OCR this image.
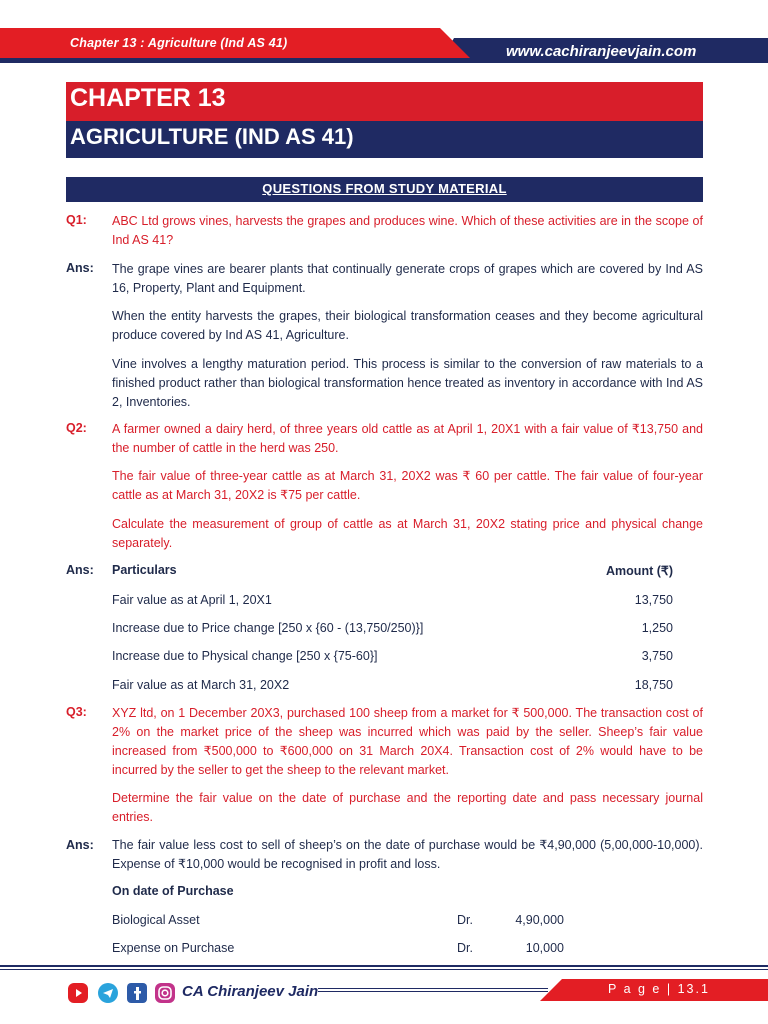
Chapter 13 : Agriculture (Ind AS 41)	www.cachiranjeevjain.com
CHAPTER 13
AGRICULTURE (IND AS 41)
QUESTIONS FROM STUDY MATERIAL
Q1: ABC Ltd grows vines, harvests the grapes and produces wine. Which of these activities are in the scope of Ind AS 41?
Ans: The grape vines are bearer plants that continually generate crops of grapes which are covered by Ind AS 16, Property, Plant and Equipment.
When the entity harvests the grapes, their biological transformation ceases and they become agricultural produce covered by Ind AS 41, Agriculture.
Vine involves a lengthy maturation period. This process is similar to the conversion of raw materials to a finished product rather than biological transformation hence treated as inventory in accordance with Ind AS 2, Inventories.
Q2: A farmer owned a dairy herd, of three years old cattle as at April 1, 20X1 with a fair value of ₹13,750 and the number of cattle in the herd was 250.
The fair value of three-year cattle as at March 31, 20X2 was ₹ 60 per cattle. The fair value of four-year cattle as at March 31, 20X2 is ₹75 per cattle.
Calculate the measurement of group of cattle as at March 31, 20X2 stating price and physical change separately.
Ans: Particulars	Amount (₹)
Fair value as at April 1, 20X1	13,750
Increase due to Price change [250 x {60 - (13,750/250)}]	1,250
Increase due to Physical change [250 x {75-60}]	3,750
Fair value as at March 31, 20X2	18,750
Q3: XYZ ltd, on 1 December 20X3, purchased 100 sheep from a market for ₹ 500,000. The transaction cost of 2% on the market price of the sheep was incurred which was paid by the seller. Sheep’s fair value increased from ₹500,000 to ₹600,000 on 31 March 20X4. Transaction cost of 2% would have to be incurred by the seller to get the sheep to the relevant market.
Determine the fair value on the date of purchase and the reporting date and pass necessary journal entries.
Ans: The fair value less cost to sell of sheep’s on the date of purchase would be ₹4,90,000 (5,00,000-10,000). Expense of ₹10,000 would be recognised in profit and loss.
On date of Purchase
Biological Asset	Dr.	4,90,000
Expense on Purchase	Dr.	10,000
CA Chiranjeev Jain	P a g e | 13.1
